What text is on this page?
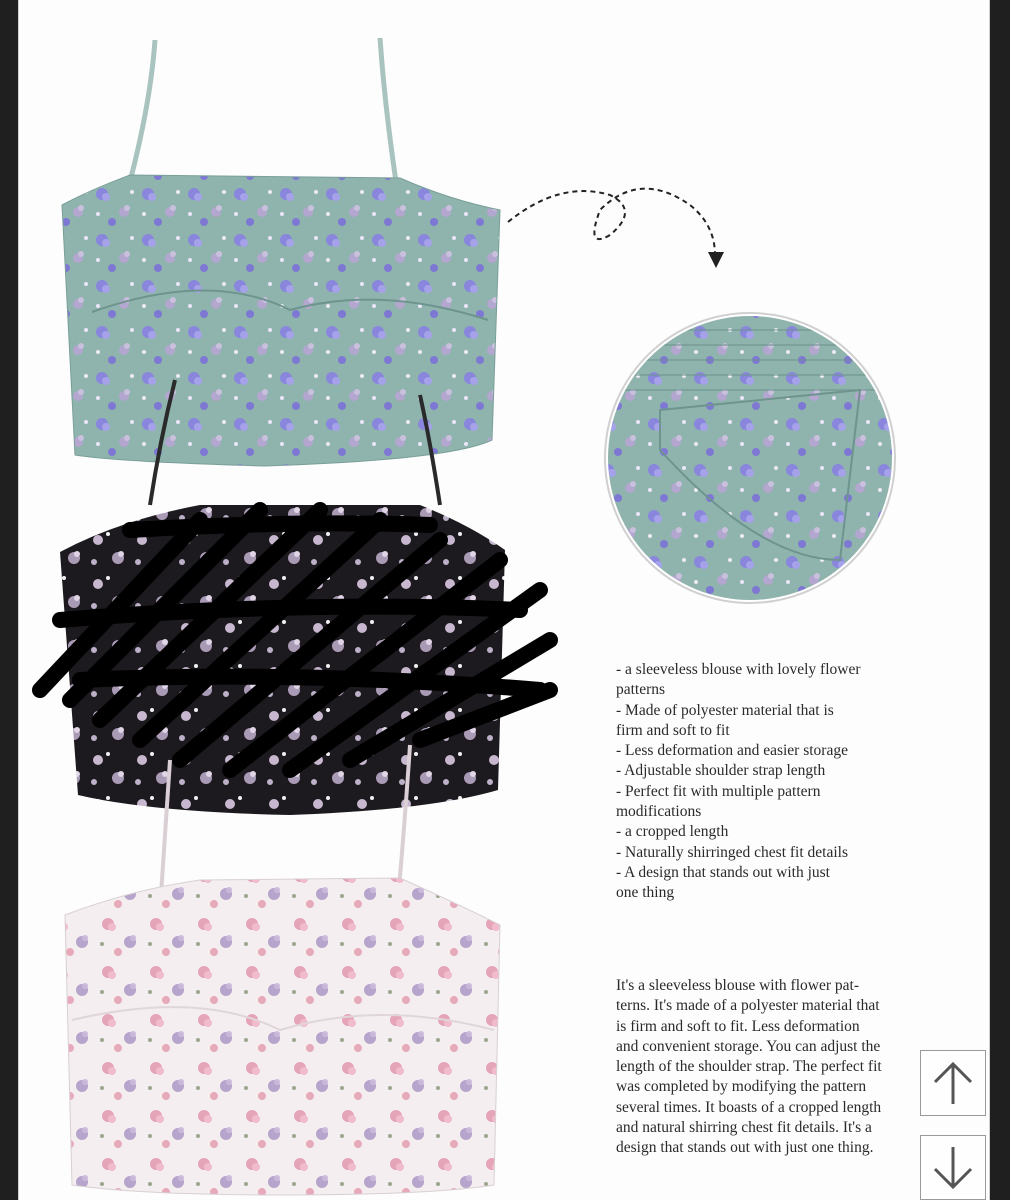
- a sleeveless blouse with lovely flower
patterns
- Made of polyester material that is
firm and soft to fit
- Less deformation and easier storage
- Adjustable shoulder strap length
- Perfect fit with multiple pattern
modifications
- a cropped length
- Naturally shirringed chest fit details
- A design that stands out with just
one thing
It's a sleeveless blouse with flower pat-
terns. It's made of a polyester material that
is firm and soft to fit. Less deformation
and convenient storage. You can adjust the
length of the shoulder strap. The perfect fit
was completed by modifying the pattern
several times. It boasts of a cropped length
and natural shirring chest fit details. It's a
design that stands out with just one thing.
